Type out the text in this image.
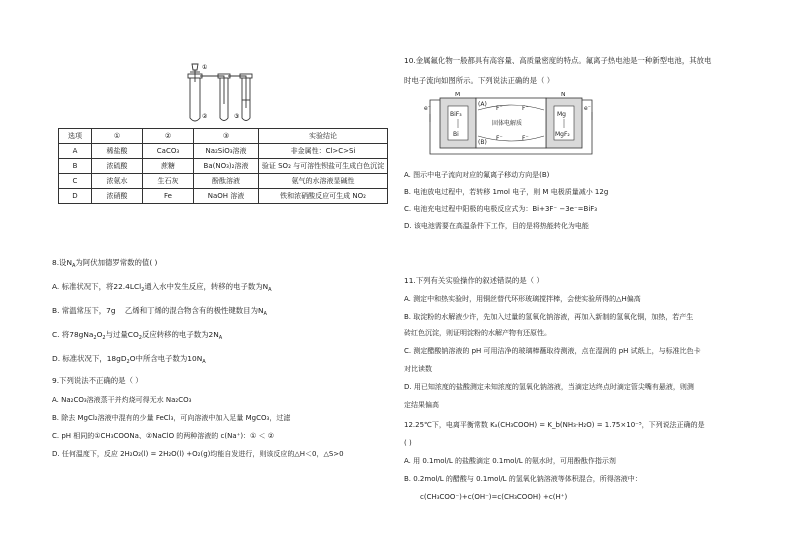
①
②	③
选项	①	②	③	实验结论
A	稀盐酸	CaCO₃	Na₂SiO₃溶液	非金属性：Cl>C>Si
B	浓硫酸	蔗糖	Ba(NO₃)₂溶液	验证 SO₂ 与可溶性钡盐可生成白色沉淀
C	浓氨水	生石灰	酚酞溶液	氨气的水溶液显碱性
D	浓硝酸	Fe	NaOH 溶液	铁和浓硝酸反应可生成 NO₂
8.设$N_A$为阿伏加德罗常数的值( )
A. 标准状况下，将22.4LCl$_2$通入水中发生反应，转移的电子数为$N_A$
B. 常温常压下，7g 乙烯和丁烯的混合物含有的极性键数目为$N_A$
C. 将$78gNa_2O_2$与过量$CO_2$反应转移的电子数为$2N_A$
D. 标准状况下，$18gD_2O$中所含电子数为$10N_A$
9.下列说法不正确的是（ ）
A. Na₂CO₃溶液蒸干并灼烧可得无水 Na₂CO₃
B. 除去 MgCl₂溶液中混有的少量 FeCl₃，可向溶液中加入足量 MgCO₃，过滤
C. pH 相同的①CH₃COONa、②NaClO 的两种溶液的 c(Na⁺)：① ＜ ②
D. 任何温度下，反应 2H₂O₂(l) = 2H₂O(l) +O₂(g)均能自发进行，则该反应的△H＜0，△S>0
10.金属氟化物一般都具有高容量、高质量密度的特点。氟离子热电池是一种新型电池，其放电
时电子流向如图所示。下列说法正确的是（ ）
e⁻	e⁻
M	N
BiF₃
Bi
Mg
MgF₂
固体电解质
(A)
(B)
F⁻	F⁻
F⁻	F⁻
A. 图示中电子流向对应的氟离子移动方向是(B)
B. 电池放电过程中，若转移 1mol 电子，则 M 电极质量减小 12g
C. 电池充电过程中阳极的电极反应式为：Bi+3F⁻ −3e⁻=BiF₃
D. 该电池需要在高温条件下工作，目的是将热能转化为电能
11.下列有关实验操作的叙述错误的是（ ）
A. 测定中和热实验时，用铜丝替代环形玻璃搅拌棒，会使实验所得的△H偏高
B. 取淀粉的水解液少许，先加入过量的氢氧化钠溶液，再加入新制的氢氧化铜，加热，若产生
砖红色沉淀，则证明淀粉的水解产物有还原性。
C. 测定醋酸钠溶液的 pH 可用洁净的玻璃棒蘸取待测液，点在湿润的 pH 试纸上，与标准比色卡
对比读数
D. 用已知浓度的盐酸测定未知浓度的氢氧化钠溶液，当滴定达终点时滴定管尖嘴有悬液，则测
定结果偏高
12.25℃下，电离平衡常数 Kₐ(CH₃COOH) = K_b(NH₃·H₂O) = 1.75×10⁻⁵，下列说法正确的是
( )
A. 用 0.1mol/L 的盐酸滴定 0.1mol/L 的氨水时，可用酚酞作指示剂
B. 0.2mol/L 的醋酸与 0.1mol/L 的氢氧化钠溶液等体积混合，所得溶液中：
c(CH₃COO⁻)+c(OH⁻)=c(CH₃COOH) +c(H⁺)
